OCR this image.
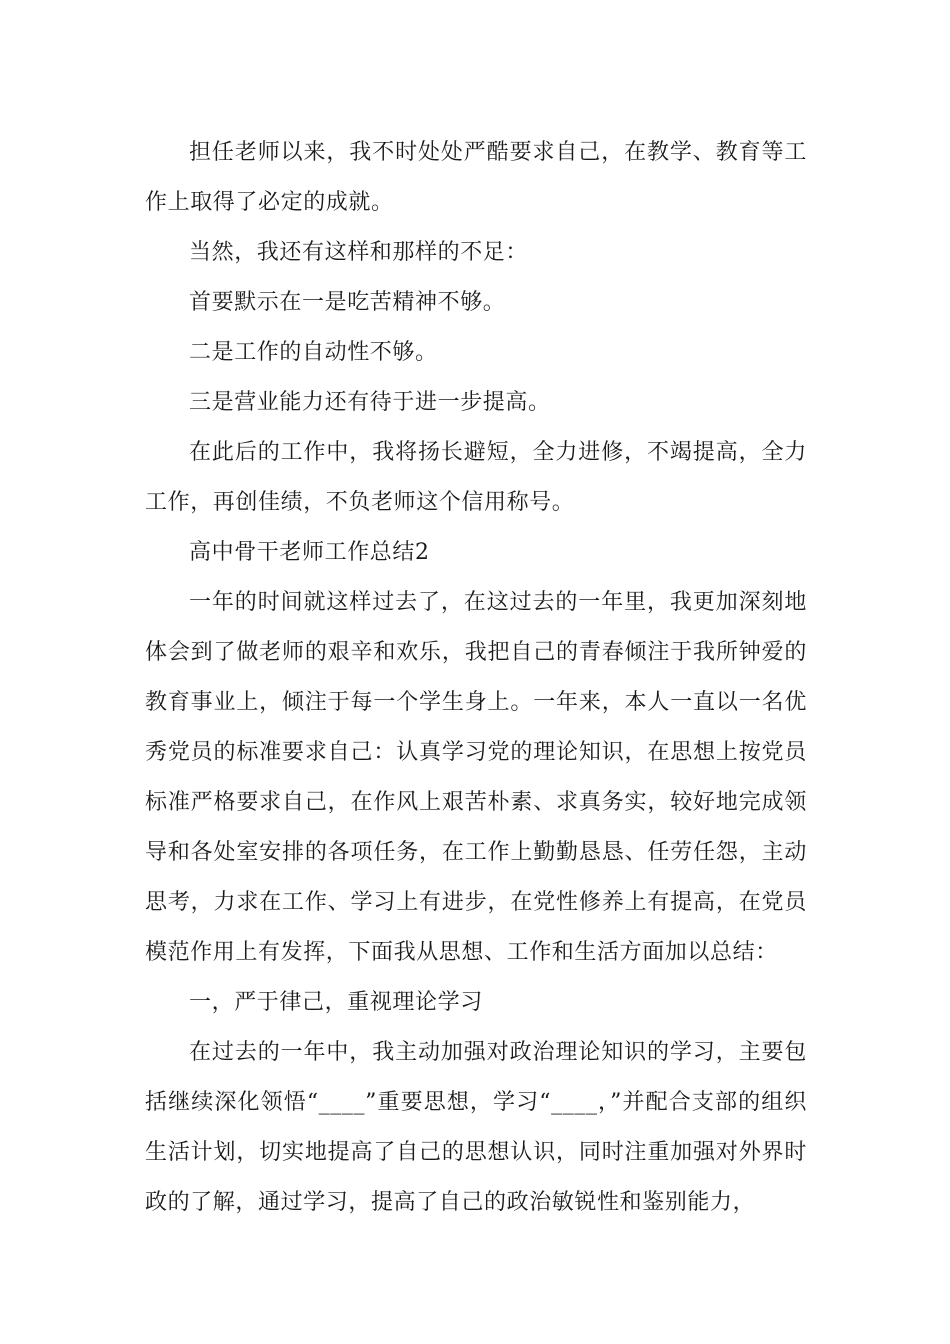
担任老师以来，我不时处处严酷要求自己，在教学、教育等工作上取得了必定的成就。

当然，我还有这样和那样的不足：

首要默示在一是吃苦精神不够。

二是工作的自动性不够。

三是营业能力还有待于进一步提高。

在此后的工作中，我将扬长避短，全力进修，不竭提高，全力工作，再创佳绩，不负老师这个信用称号。

高中骨干老师工作总结2

一年的时间就这样过去了，在这过去的一年里，我更加深刻地体会到了做老师的艰辛和欢乐，我把自己的青春倾注于我所钟爱的教育事业上，倾注于每一个学生身上。一年来，本人一直以一名优秀党员的标准要求自己：认真学习党的理论知识，在思想上按党员标准严格要求自己，在作风上艰苦朴素、求真务实，较好地完成领导和各处室安排的各项任务，在工作上勤勤恳恳、任劳任怨，主动思考，力求在工作、学习上有进步，在党性修养上有提高，在党员模范作用上有发挥，下面我从思想、工作和生活方面加以总结：

一，严于律己，重视理论学习

在过去的一年中，我主动加强对政治理论知识的学习，主要包括继续深化领悟“____”重要思想，学习“____，”并配合支部的组织生活计划，切实地提高了自己的思想认识，同时注重加强对外界时政的了解，通过学习，提高了自己的政治敏锐性和鉴别能力，
